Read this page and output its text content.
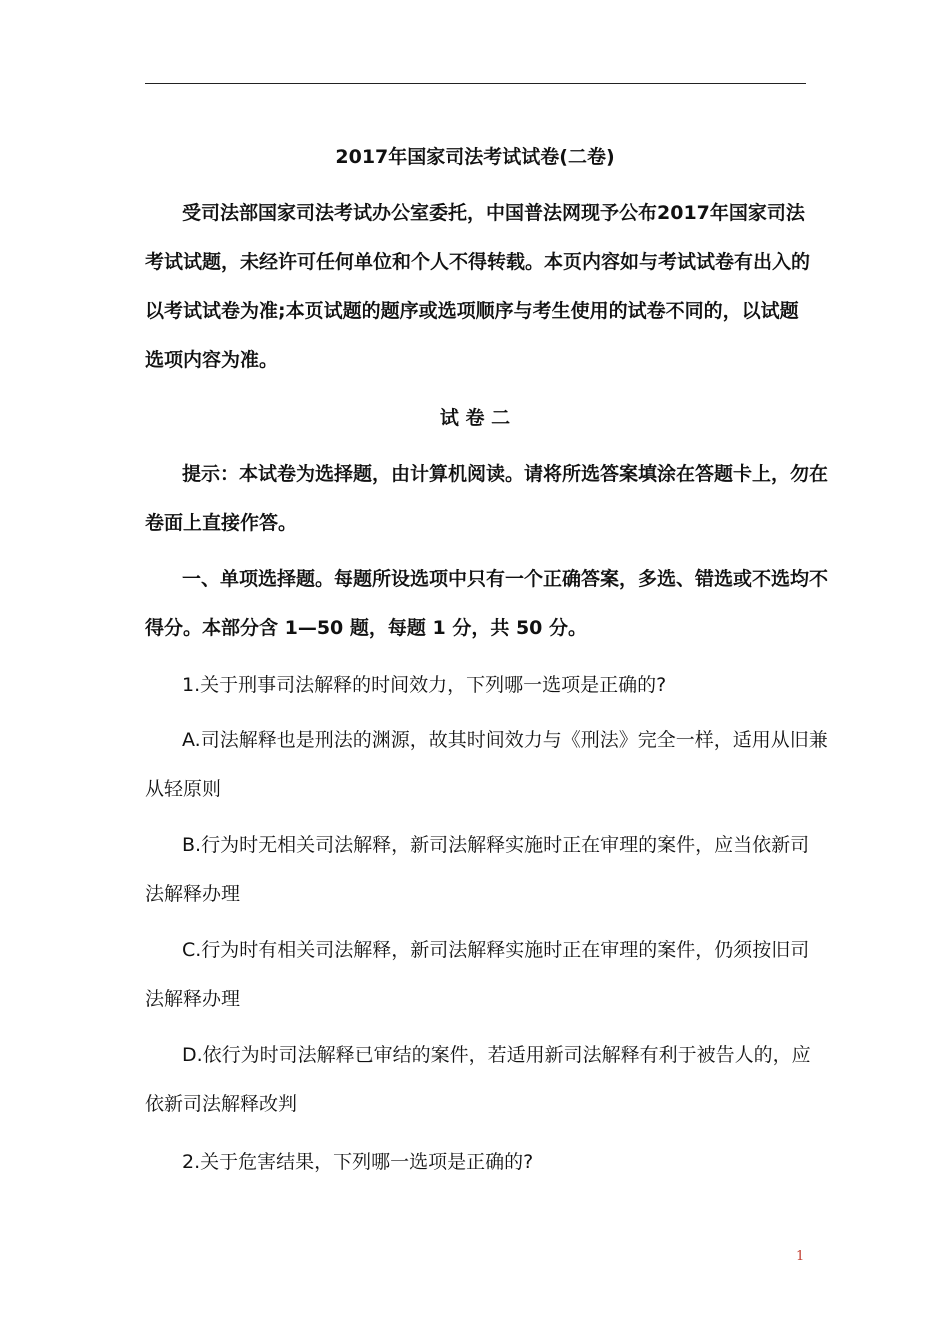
2017年国家司法考试试卷(二卷)
受司法部国家司法考试办公室委托，中国普法网现予公布2017年国家司法
考试试题，未经许可任何单位和个人不得转载。本页内容如与考试试卷有出入的
以考试试卷为准;本页试题的题序或选项顺序与考生使用的试卷不同的，以试题
选项内容为准。
试 卷 二
提示：本试卷为选择题，由计算机阅读。请将所选答案填涂在答题卡上，勿在
卷面上直接作答。
一、单项选择题。每题所设选项中只有一个正确答案，多选、错选或不选均不
得分。本部分含 1—50 题，每题 1 分，共 50 分。
1.关于刑事司法解释的时间效力，下列哪一选项是正确的?
A.司法解释也是刑法的渊源，故其时间效力与《刑法》完全一样，适用从旧兼
从轻原则
B.行为时无相关司法解释，新司法解释实施时正在审理的案件，应当依新司
法解释办理
C.行为时有相关司法解释，新司法解释实施时正在审理的案件，仍须按旧司
法解释办理
D.依行为时司法解释已审结的案件，若适用新司法解释有利于被告人的，应
依新司法解释改判
2.关于危害结果，下列哪一选项是正确的?
1
